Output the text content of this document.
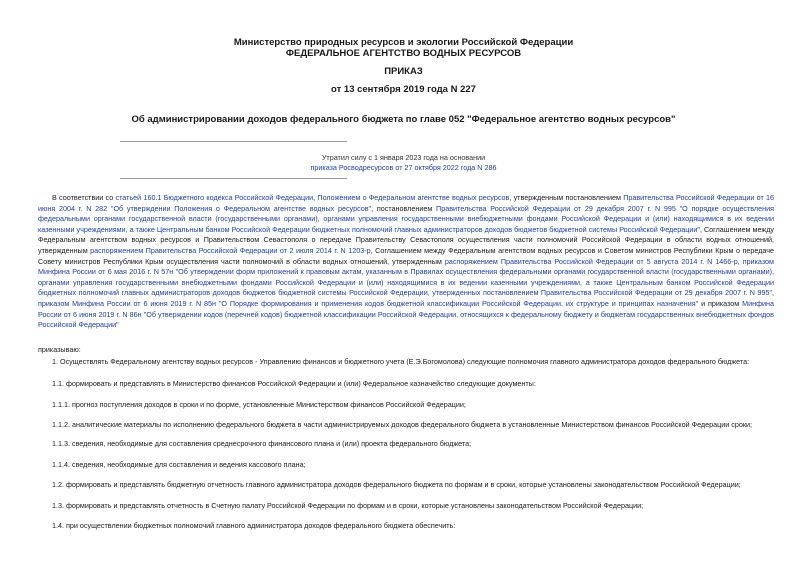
Министерство природных ресурсов и экологии Российской Федерации
ФЕДЕРАЛЬНОЕ АГЕНТСТВО ВОДНЫХ РЕСУРСОВ
ПРИКАЗ
от 13 сентября 2019 года N 227
Об администрировании доходов федерального бюджета по главе 052 "Федеральное агентство водных ресурсов"
Утратил силу с 1 января 2023 года на основании
приказа Росводресурсов от 27 октября 2022 года N 286
В соответствии со статьей 160.1 Бюджетного кодекса Российской Федерации, Положением о Федеральном агентстве водных ресурсов, утвержденным постановлением Правительства Российской Федерации от 16 июня 2004 г. N 282 "Об утверждении Положения о Федеральном агентстве водных ресурсов", постановлением Правительства Российской Федерации от 29 декабря 2007 г. N 995 "О порядке осуществления федеральными органами государственной власти (государственными органами), органами управления государственными внебюджетными фондами Российской Федерации и (или) находящимися в их ведении казенными учреждениями, а также Центральным банком Российской Федерации бюджетных полномочий главных администраторов доходов бюджетов бюджетной системы Российской Федерации", Соглашением между Федеральным агентством водных ресурсов и Правительством Севастополя о передаче Правительству Севастополя осуществления части полномочий Российской Федерации в области водных отношений, утвержденным распоряжением Правительства Российской Федерации от 2 июля 2014 г. N 1203-р, Соглашением между Федеральным агентством водных ресурсов и Советом министров Республики Крым о передаче Совету министров Республики Крым осуществления части полномочий в области водных отношений, утвержденным распоряжением Правительства Российской Федерации от 5 августа 2014 г. N 1466-р, приказом Минфина России от 6 мая 2016 г. N 57н "Об утверждении форм приложений к правовым актам, указанным в Правилах осуществления федеральными органами государственной власти (государственными органами), органами управления государственными внебюджетными фондами Российской Федерации и (или) находящимися в их ведении казенными учреждениями, а также Центральным банком Российской Федерации бюджетных полномочий главных администраторов доходов бюджетов бюджетной системы Российской Федерации, утвержденных постановлением Правительства Российской Федерации от 29 декабря 2007 г. N 995", приказом Минфина России от 6 июня 2019 г. N 85н "О Порядке формирования и применения кодов бюджетной классификации Российской Федерации, их структуре и принципах назначения" и приказом Минфина России от 6 июня 2019 г. N 86н "Об утверждении кодов (перечней кодов) бюджетной классификации Российской Федерации, относящихся к федеральному бюджету и бюджетам государственных внебюджетных фондов Российской Федерации"
приказываю:
1. Осуществлять Федеральному агентству водных ресурсов - Управлению финансов и бюджетного учета (Е.Э.Богомолова) следующие полномочия главного администратора доходов федерального бюджета:
1.1. формировать и представлять в Министерство финансов Российской Федерации и (или) Федеральное казначейство следующие документы:
1.1.1. прогноз поступления доходов в сроки и по форме, установленные Министерством финансов Российской Федерации;
1.1.2. аналитические материалы по исполнению федерального бюджета в части администрируемых доходов федерального бюджета в установленные Министерством финансов Российской Федерации сроки;
1.1.3. сведения, необходимые для составления среднесрочного финансового плана и (или) проекта федерального бюджета;
1.1.4. сведения, необходимые для составления и ведения кассового плана;
1.2. формировать и представлять бюджетную отчетность главного администратора доходов федерального бюджета по формам и в сроки, которые установлены законодательством Российской Федерации;
1.3. формировать и представлять отчетность в Счетную палату Российской Федерации по формам и в сроки, которые установлены законодательством Российской Федерации;
1.4. при осуществлении бюджетных полномочий главного администратора доходов федерального бюджета обеспечить:
